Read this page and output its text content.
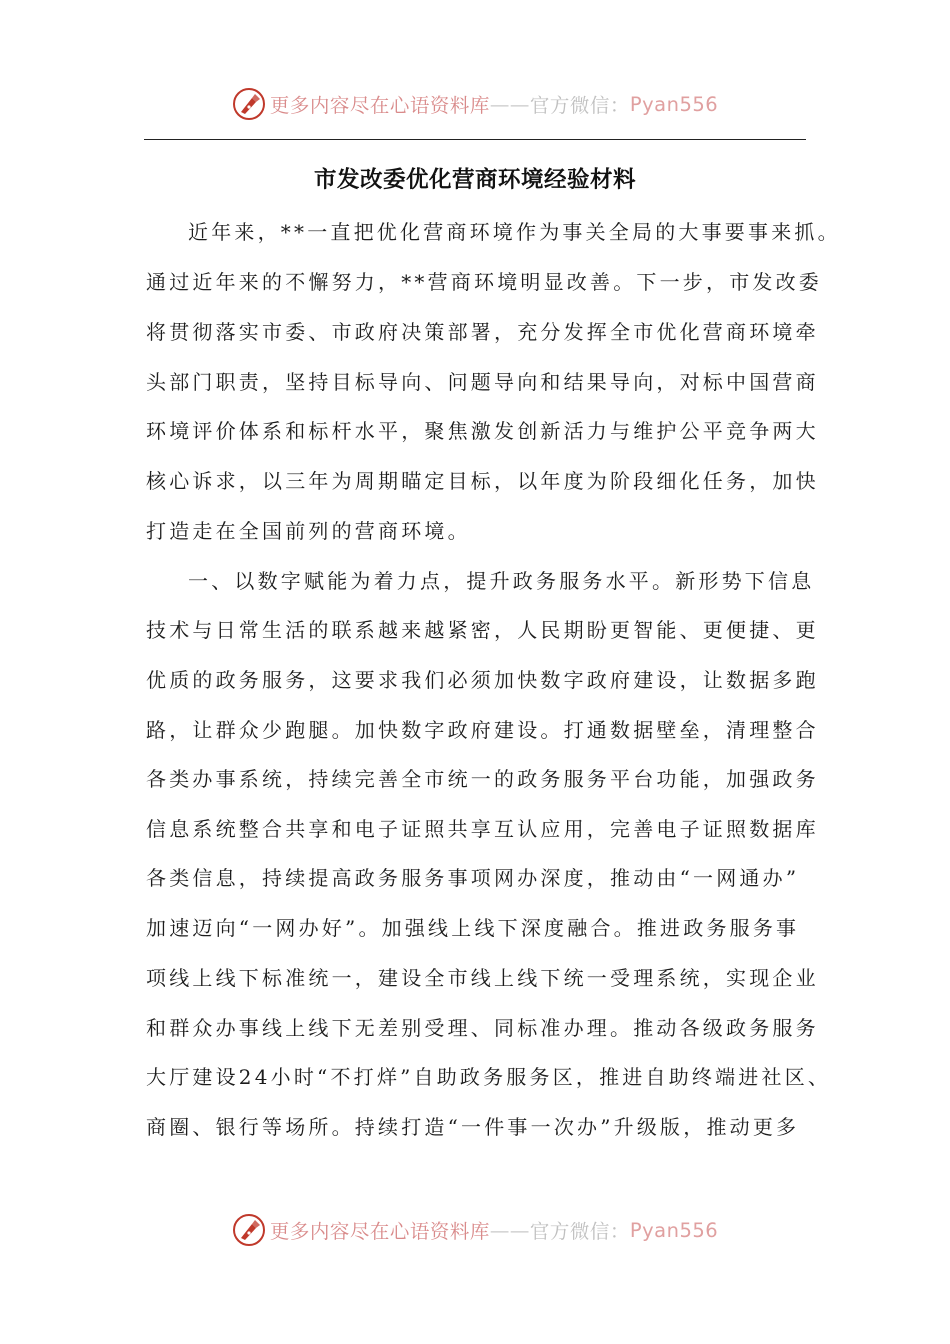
更多内容尽在心语资料库 —— 官方微信： Pyan556
市发改委优化营商环境经验材料
近年来，**一直把优化营商环境作为事关全局的大事要事来抓。
通过近年来的不懈努力，**营商环境明显改善。下一步，市发改委
将贯彻落实市委、市政府决策部署，充分发挥全市优化营商环境牵
头部门职责，坚持目标导向、问题导向和结果导向，对标中国营商
环境评价体系和标杆水平，聚焦激发创新活力与维护公平竞争两大
核心诉求，以三年为周期瞄定目标，以年度为阶段细化任务，加快
打造走在全国前列的营商环境。
一、以数字赋能为着力点，提升政务服务水平。新形势下信息
技术与日常生活的联系越来越紧密，人民期盼更智能、更便捷、更
优质的政务服务，这要求我们必须加快数字政府建设，让数据多跑
路，让群众少跑腿。加快数字政府建设。打通数据壁垒，清理整合
各类办事系统，持续完善全市统一的政务服务平台功能，加强政务
信息系统整合共享和电子证照共享互认应用，完善电子证照数据库
各类信息，持续提高政务服务事项网办深度，推动由“一网通办”
加速迈向“一网办好”。加强线上线下深度融合。推进政务服务事
项线上线下标准统一，建设全市线上线下统一受理系统，实现企业
和群众办事线上线下无差别受理、同标准办理。推动各级政务服务
大厅建设24小时“不打烊”自助政务服务区，推进自助终端进社区、
商圈、银行等场所。持续打造“一件事一次办”升级版，推动更多
更多内容尽在心语资料库 —— 官方微信： Pyan556
